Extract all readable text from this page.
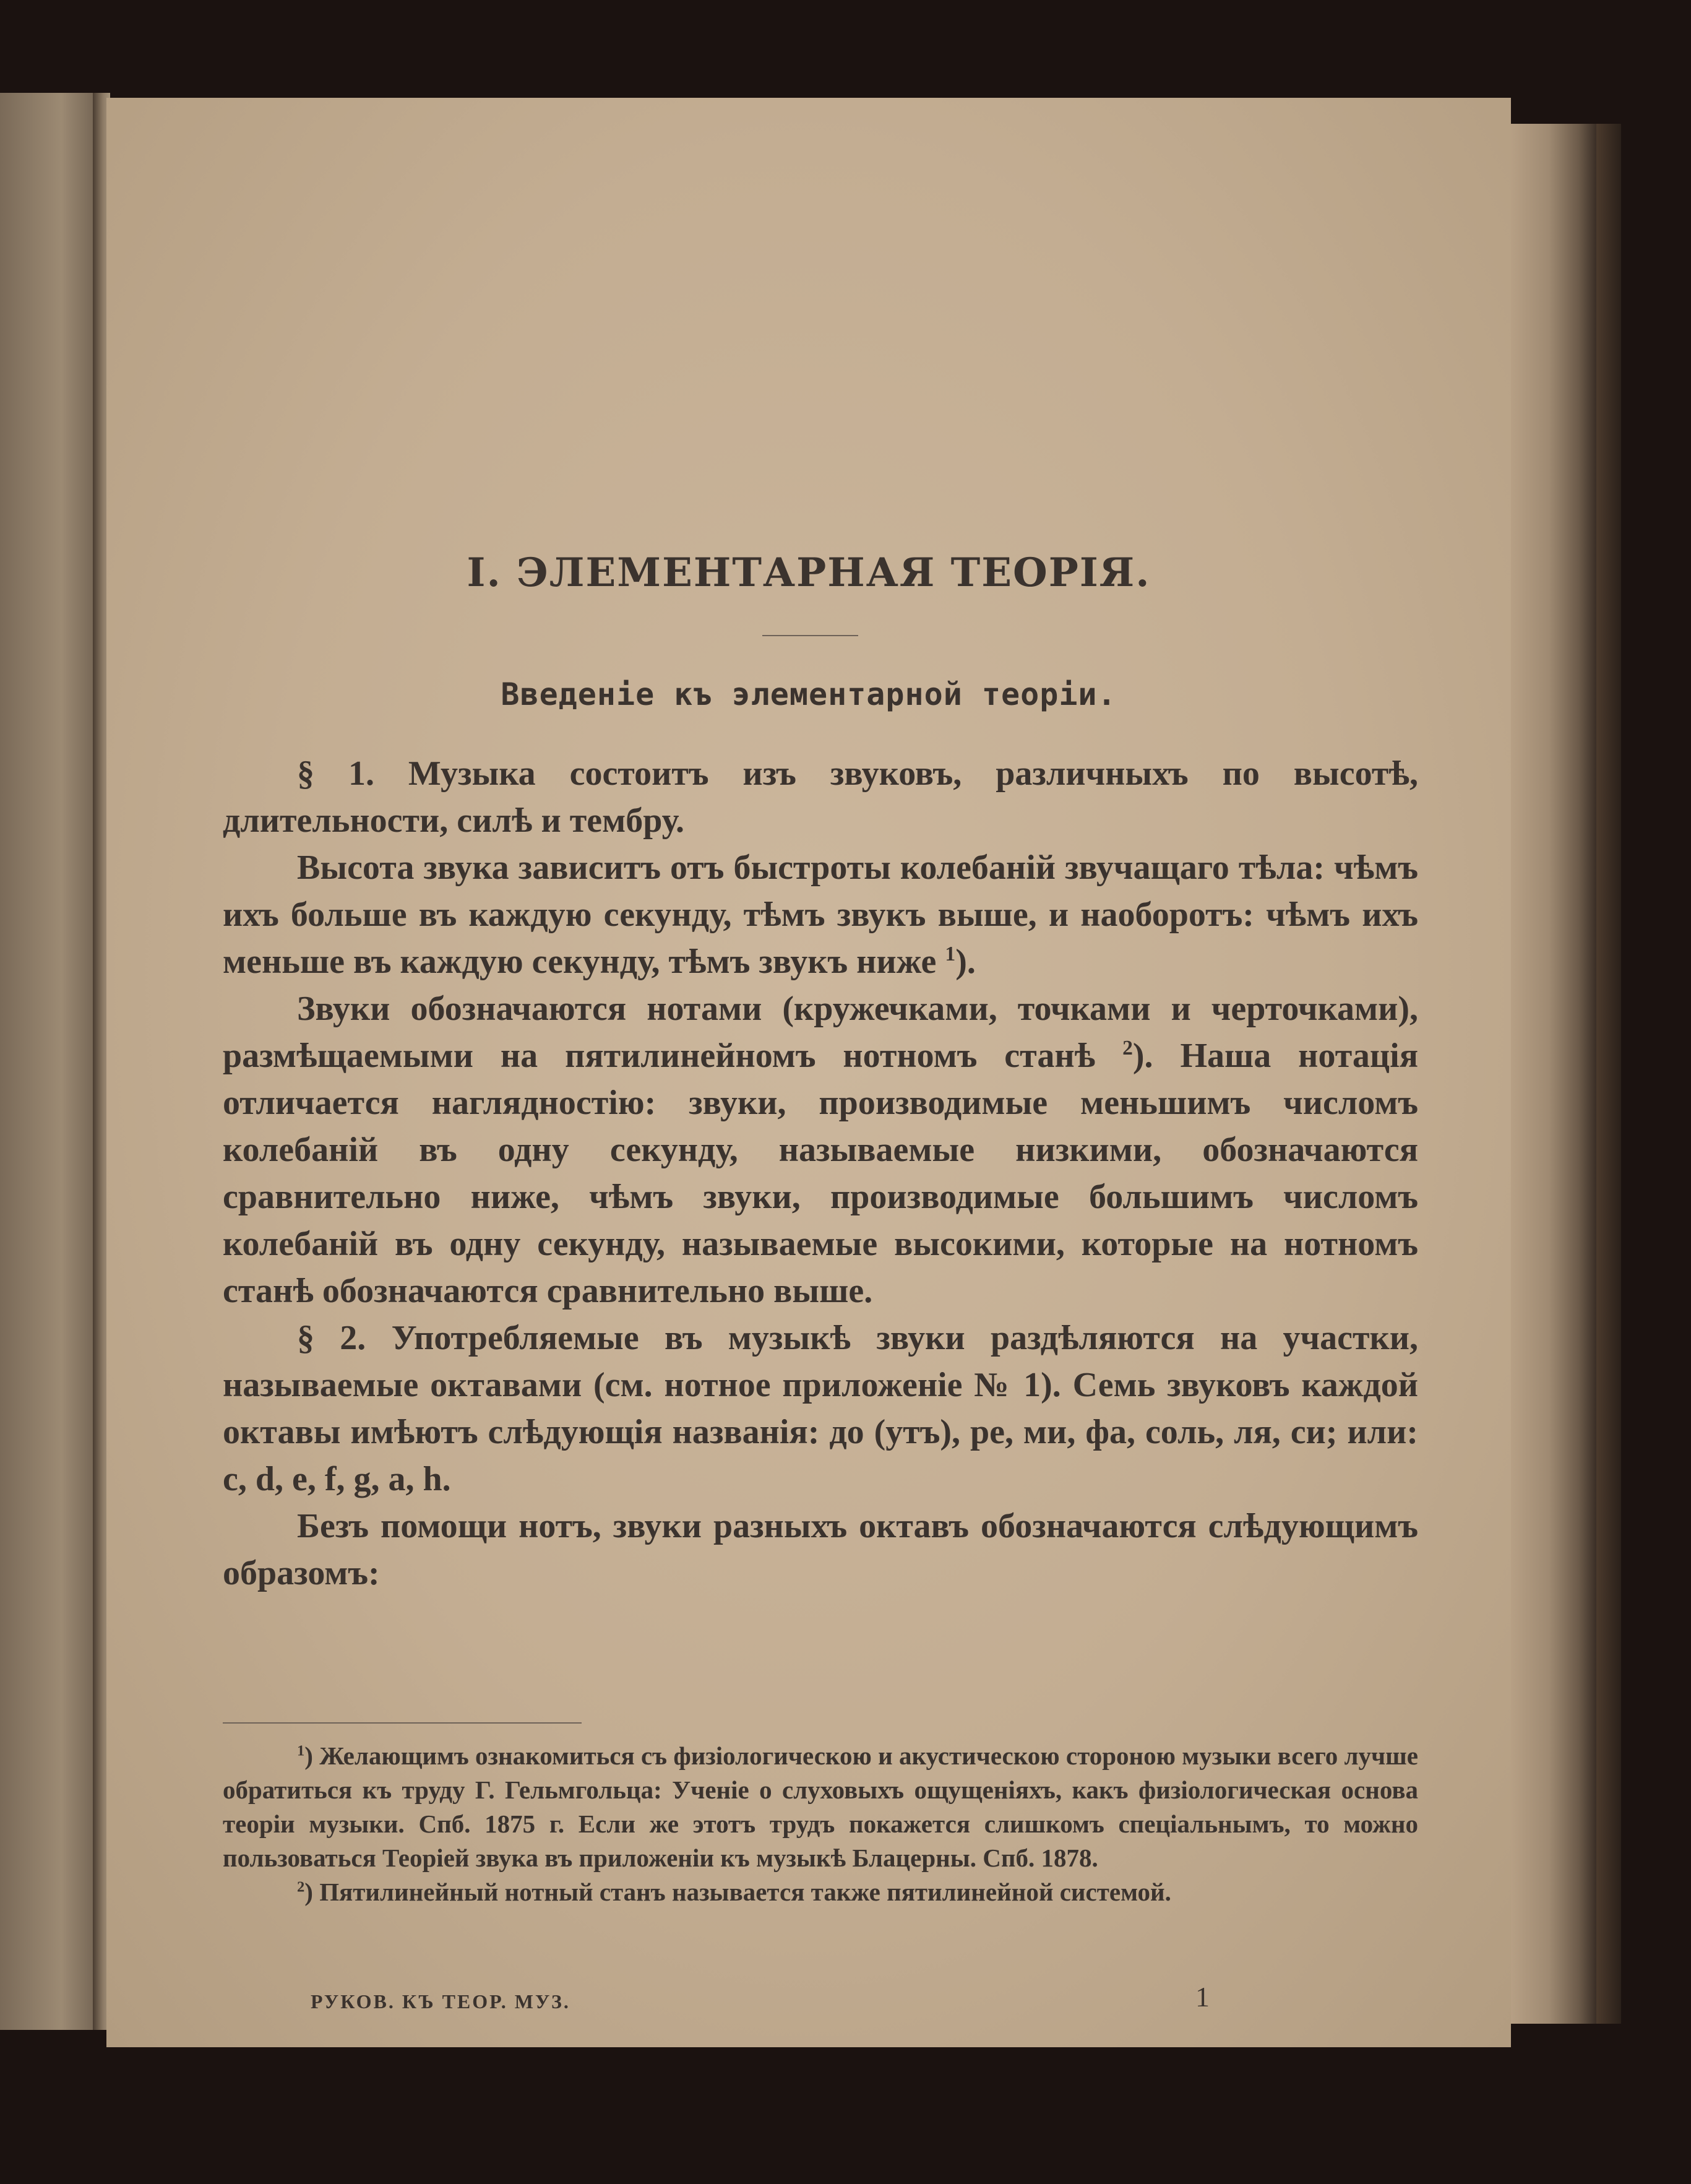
I. ЭЛЕМЕНТАРНАЯ ТЕОРІЯ.
Введеніе къ элементарной теоріи.

§ 1. Музыка состоитъ изъ звуковъ, различныхъ по высотѣ, длительности, силѣ и тембру.

Высота звука зависитъ отъ быстроты колебаній звучащаго тѣла: чѣмъ ихъ больше въ каждую секунду, тѣмъ звукъ выше, и наоборотъ: чѣмъ ихъ меньше въ каждую секунду, тѣмъ звукъ ниже $^1$).

Звуки обозначаются нотами (кружечками, точками и черточками), размѣщаемыми на пятилинейномъ нотномъ станѣ $^2$). Наша нотація отличается наглядностію: звуки, производимые меньшимъ числомъ колебаній въ одну секунду, называемые низкими, обозначаются сравнительно ниже, чѣмъ звуки, производимые большимъ числомъ колебаній въ одну секунду, называемые высокими, которые на нотномъ станѣ обозначаются сравнительно выше.

§ 2. Употребляемые въ музыкѣ звуки раздѣляются на участки, называемые октавами (см. нотное приложеніе № 1). Семь звуковъ каждой октавы имѣютъ слѣдующія названія: до (утъ), ре, ми, фа, соль, ля, си; или: c, d, e, f, g, a, h.

Безъ помощи нотъ, звуки разныхъ октавъ обозначаются слѣдующимъ образомъ:

$^1$) Желающимъ ознакомиться съ физіологическою и акустическою стороною музыки всего лучше обратиться къ труду Г. Гельмгольца: Ученіе о слуховыхъ ощущеніяхъ, какъ физіологическая основа теоріи музыки. Спб. 1875 г. Если же этотъ трудъ покажется слишкомъ спеціальнымъ, то можно пользоваться Теоріей звука въ приложеніи къ музыкѣ Блацерны. Спб. 1878.

$^2$) Пятилинейный нотный станъ называется также пятилинейной системой.

РУКОВ. КЪ ТЕОР. МУЗ.	1
